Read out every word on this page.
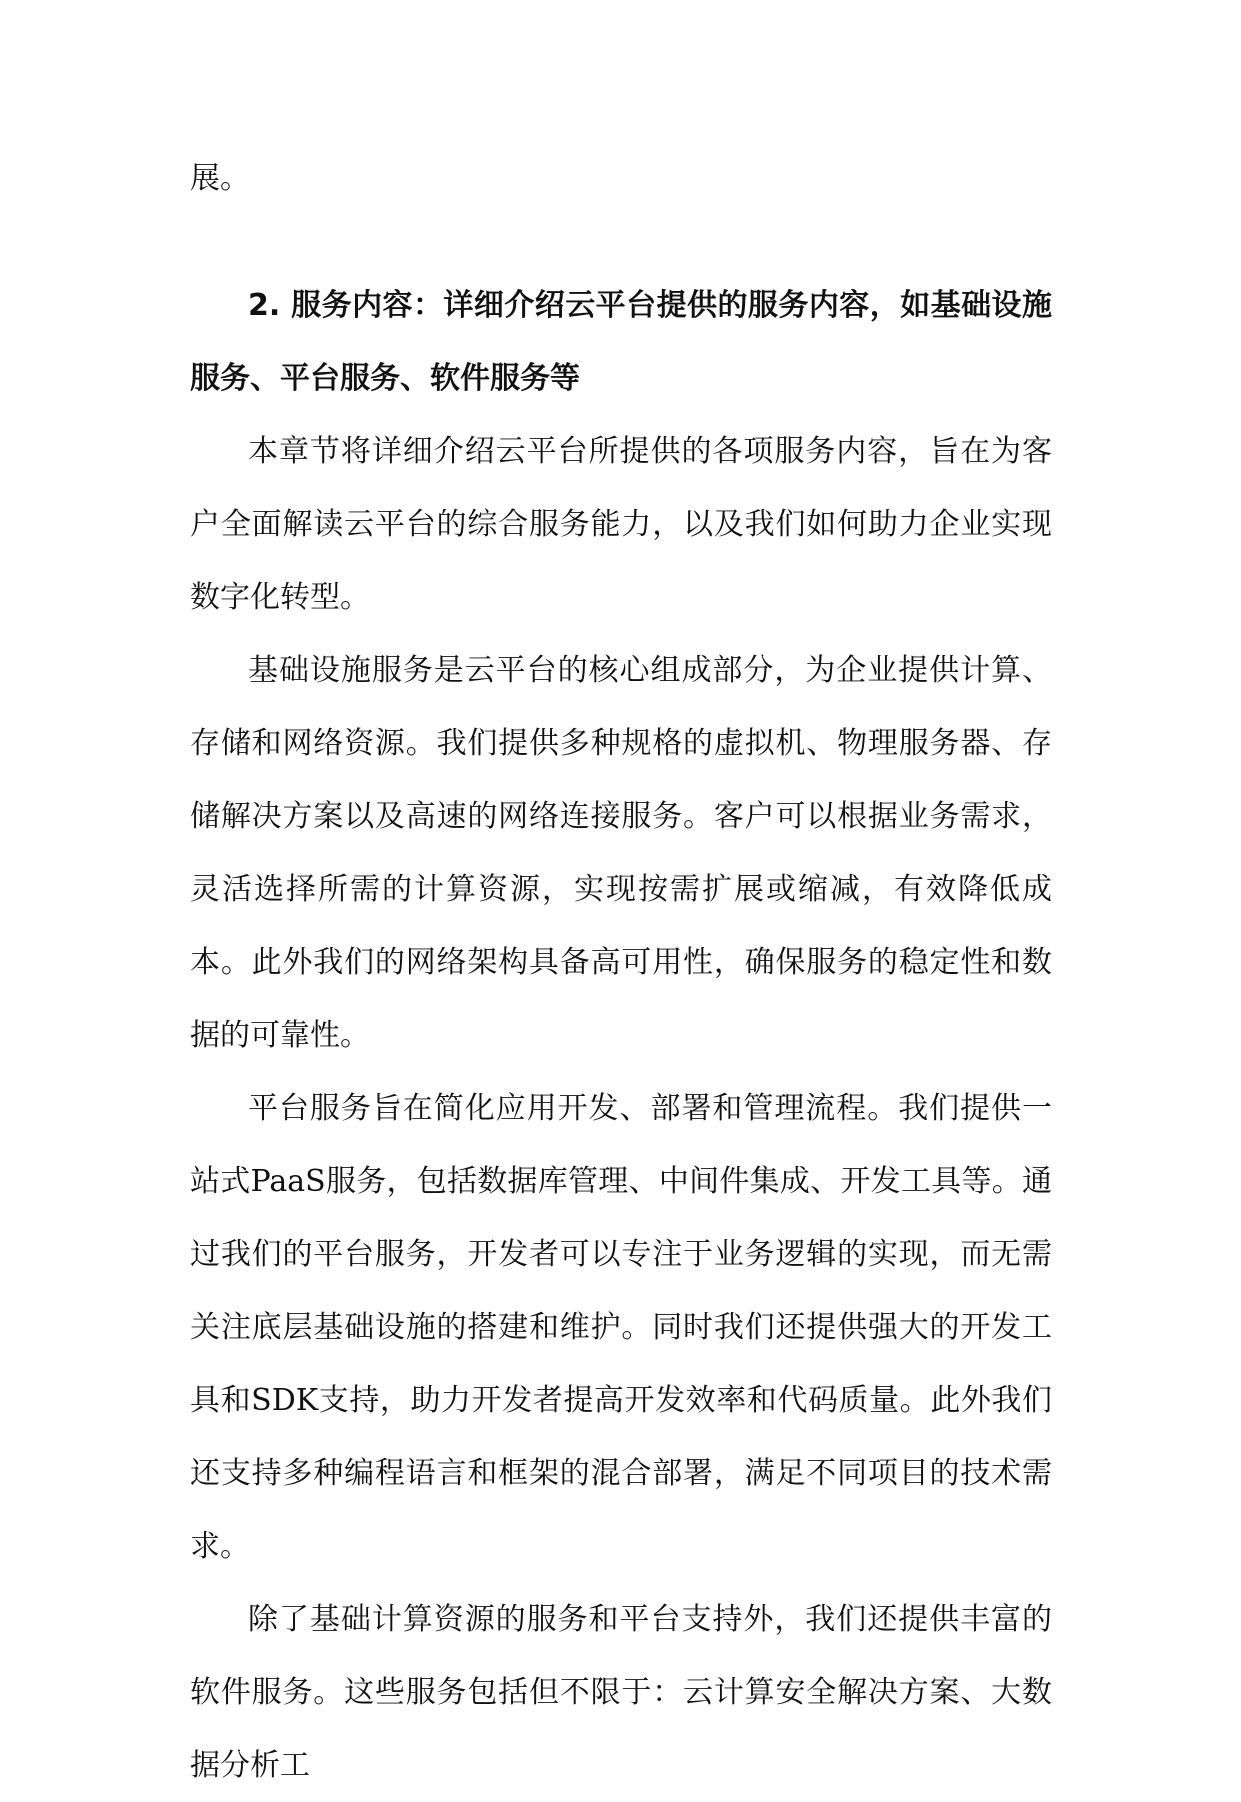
展。

2. 服务内容：详细介绍云平台提供的服务内容，如基础设施服务、平台服务、软件服务等

本章节将详细介绍云平台所提供的各项服务内容，旨在为客户全面解读云平台的综合服务能力，以及我们如何助力企业实现数字化转型。

基础设施服务是云平台的核心组成部分，为企业提供计算、存储和网络资源。我们提供多种规格的虚拟机、物理服务器、存储解决方案以及高速的网络连接服务。客户可以根据业务需求，灵活选择所需的计算资源，实现按需扩展或缩减，有效降低成本。此外我们的网络架构具备高可用性，确保服务的稳定性和数据的可靠性。

平台服务旨在简化应用开发、部署和管理流程。我们提供一站式PaaS服务，包括数据库管理、中间件集成、开发工具等。通过我们的平台服务，开发者可以专注于业务逻辑的实现，而无需关注底层基础设施的搭建和维护。同时我们还提供强大的开发工具和SDK支持，助力开发者提高开发效率和代码质量。此外我们还支持多种编程语言和框架的混合部署，满足不同项目的技术需求。

除了基础计算资源的服务和平台支持外，我们还提供丰富的软件服务。这些服务包括但不限于：云计算安全解决方案、大数据分析工
